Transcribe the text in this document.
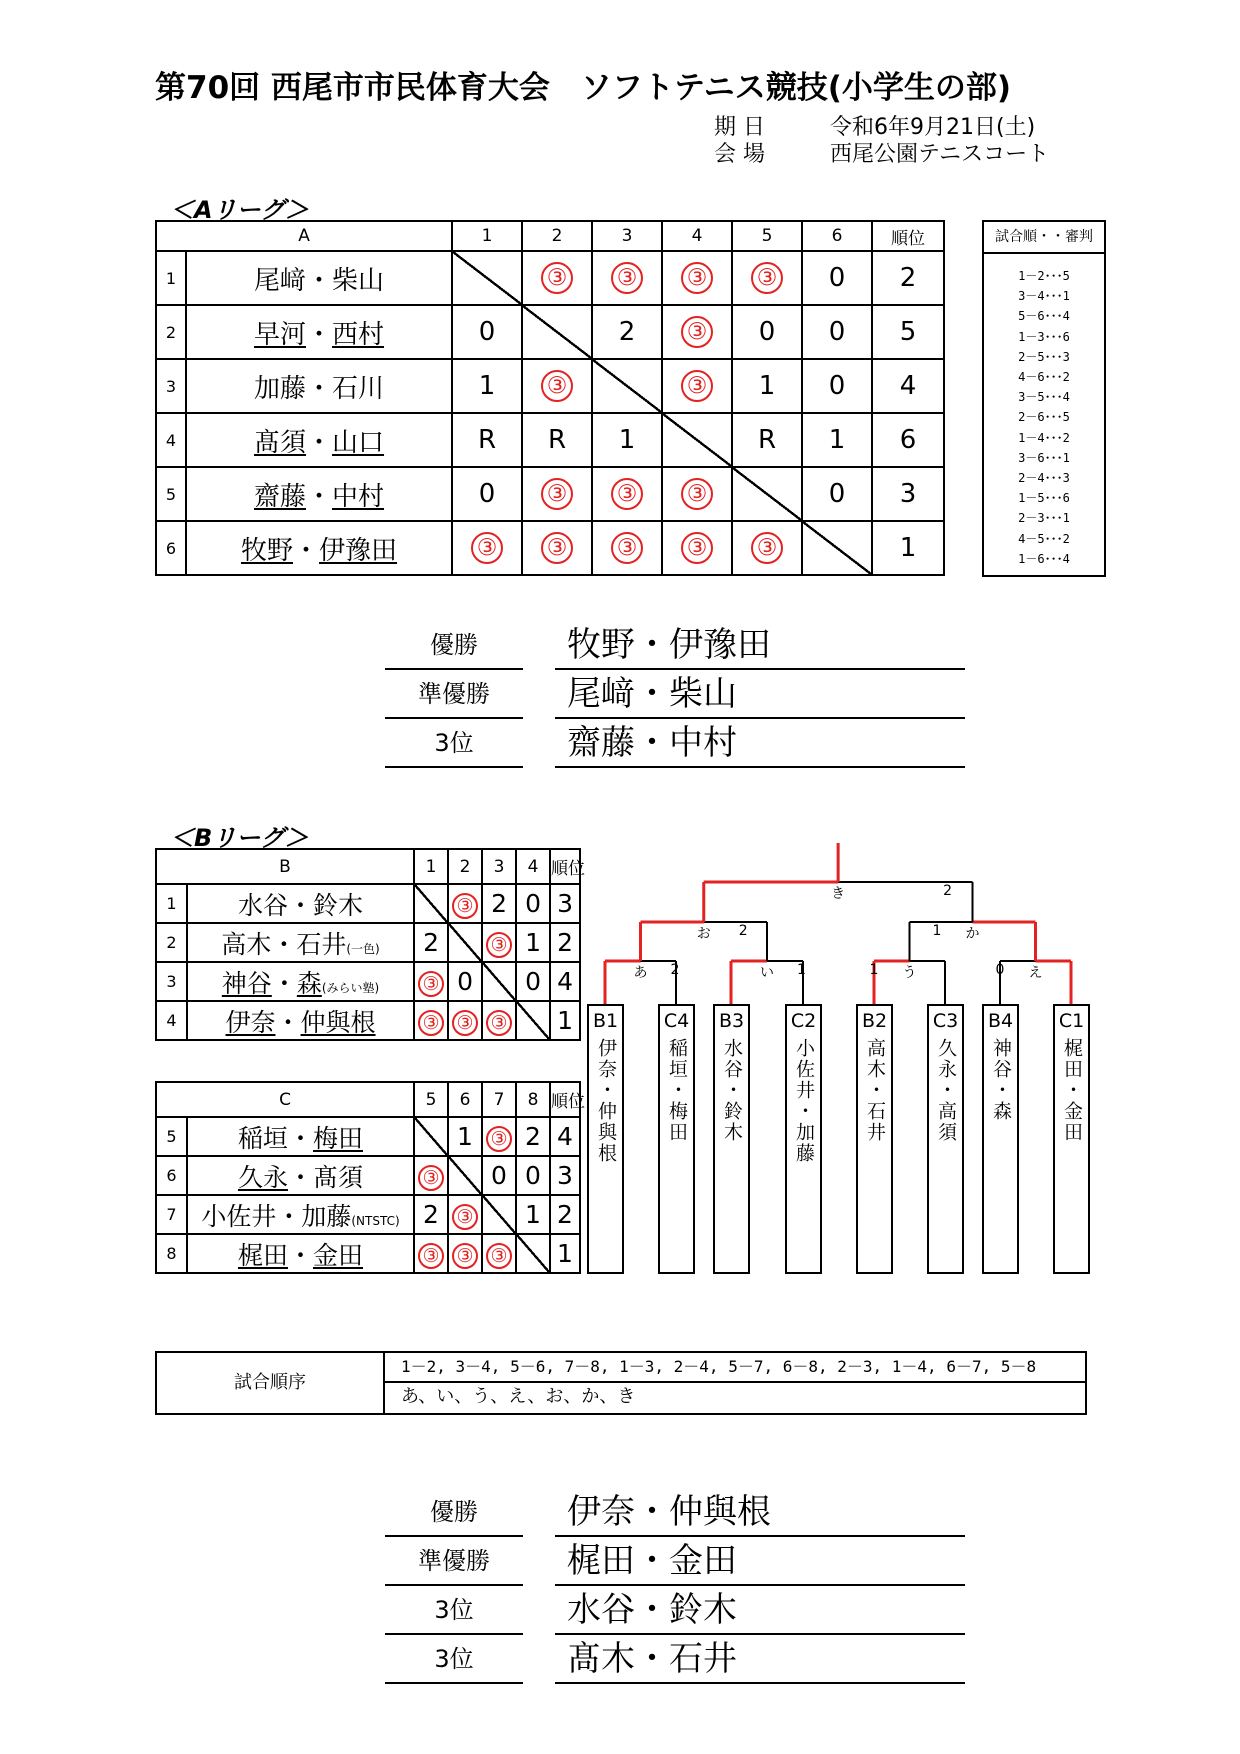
第70回 西尾市市民体育大会　ソフトテニス競技(小学生の部)
期 日	令和6年9月21日(土)
会 場	西尾公園テニスコート
＜Aリーグ＞
A		1	2	3	4	5	6	順位
1	尾﨑・柴山		③	③	③	③	0	2
2	早河・西村	0		2	③	0	0	5
3	加藤・石川	1	③		③	1	0	4
4	髙須・山口	R	R	1		R	1	6
5	齋藤・中村	0	③	③	③		0	3
6	牧野・伊豫田	③	③	③	③	③		1
試合順・・審判
1－2･･･5
3－4･･･1
5－6･･･4
1－3･･･6
2－5･･･3
4－6･･･2
3－5･･･4
2－6･･･5
1－4･･･2
3－6･･･1
2－4･･･3
1－5･･･6
2－3･･･1
4－5･･･2
1－6･･･4
優勝	牧野・伊豫田
準優勝	尾﨑・柴山
3位	齋藤・中村
＜Bリーグ＞
B		1	2	3	4	順位
1	水谷・鈴木		③	2	0	3
2	高木・石井(一色)	2		③	1	2
3	神谷・森(みらい塾)	③	0		0	4
4	伊奈・仲與根	③	③	③		1
C		5	6	7	8	順位
5	稲垣・梅田		1	③	2	4
6	久永・髙須	③		0	0	3
7	小佐井・加藤(NTSTC)	2	③		1	2
8	梶田・金田	③	③	③		1
B1
伊奈・仲與根
C4
稲垣・梅田
B3
水谷・鈴木
C2
小佐井・加藤
B2
高木・石井
C3
久永・高須
B4
神谷・森
C1
梶田・金田
あ 2	い 1	う
1	え
0
お 2	か
1
き	2
試合順序
1－2, 3－4, 5－6, 7－8, 1－3, 2－4, 5－7, 6－8, 2－3, 1－4, 6－7, 5－8
あ、い、う、え、お、か、き
優勝	伊奈・仲與根
準優勝	梶田・金田
3位	水谷・鈴木
3位	髙木・石井
